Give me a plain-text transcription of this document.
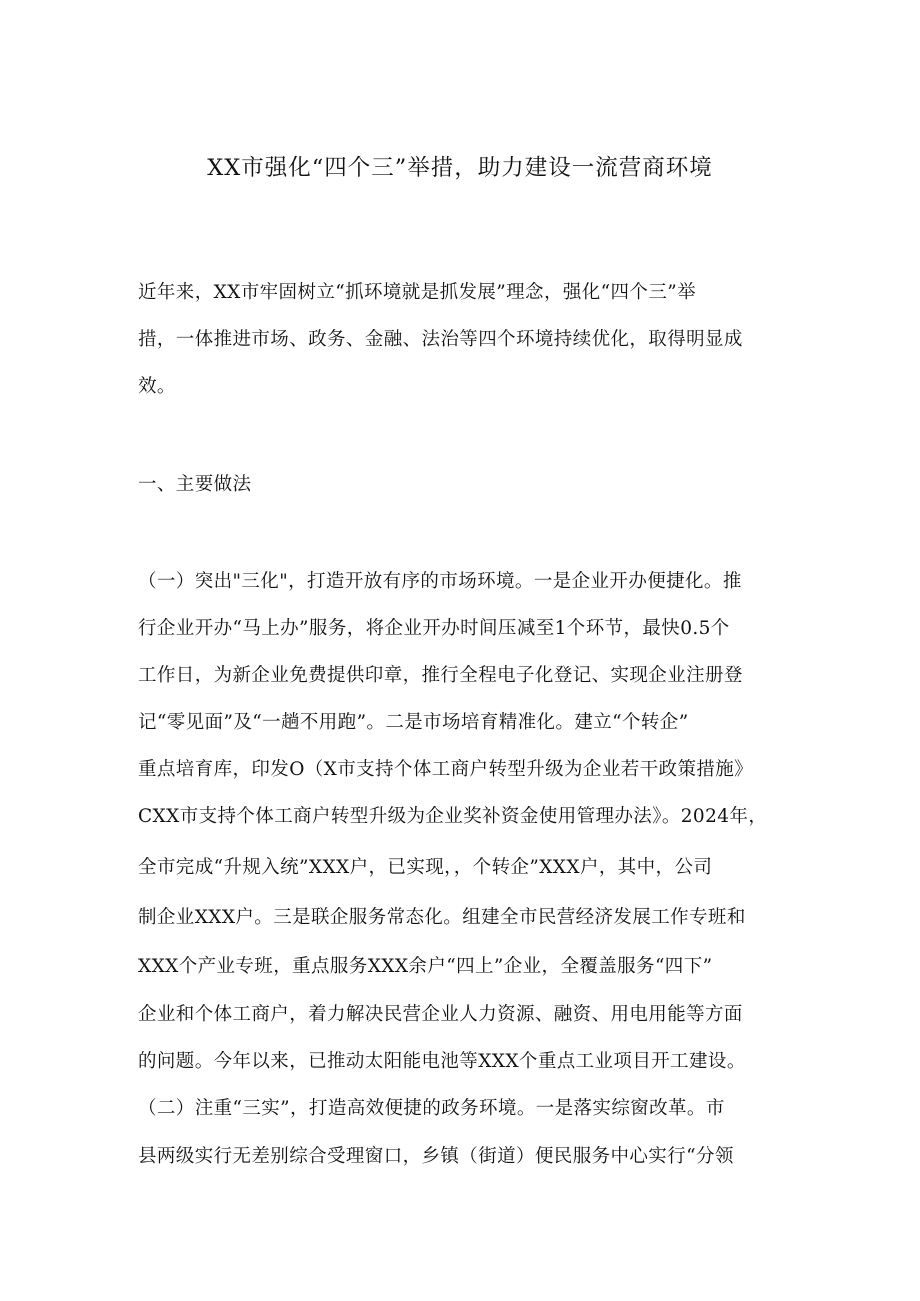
XX市强化“四个三”举措，助力建设一流营商环境
近年来，XX市牢固树立“抓环境就是抓发展”理念，强化“四个三”举
措，一体推进市场、政务、金融、法治等四个环境持续优化，取得明显成
效。
一、主要做法
（一）突出"三化"，打造开放有序的市场环境。一是企业开办便捷化。推
行企业开办“马上办”服务，将企业开办时间压减至1个环节，最快0.5个
工作日，为新企业免费提供印章，推行全程电子化登记、实现企业注册登
记“零见面”及“一趟不用跑”。二是市场培育精准化。建立“个转企”
重点培育库，印发O（X市支持个体工商户转型升级为企业若干政策措施》
CXX市支持个体工商户转型升级为企业奖补资金使用管理办法》。2024年，
全市完成“升规入统”XXX户，已实现，，个转企”XXX户，其中，公司
制企业XXX户。三是联企服务常态化。组建全市民营经济发展工作专班和
XXX个产业专班，重点服务XXX余户“四上”企业，全覆盖服务“四下”
企业和个体工商户，着力解决民营企业人力资源、融资、用电用能等方面
的问题。今年以来，已推动太阳能电池等XXX个重点工业项目开工建设。
（二）注重“三实”，打造高效便捷的政务环境。一是落实综窗改革。市
县两级实行无差别综合受理窗口，乡镇（街道）便民服务中心实行“分领
